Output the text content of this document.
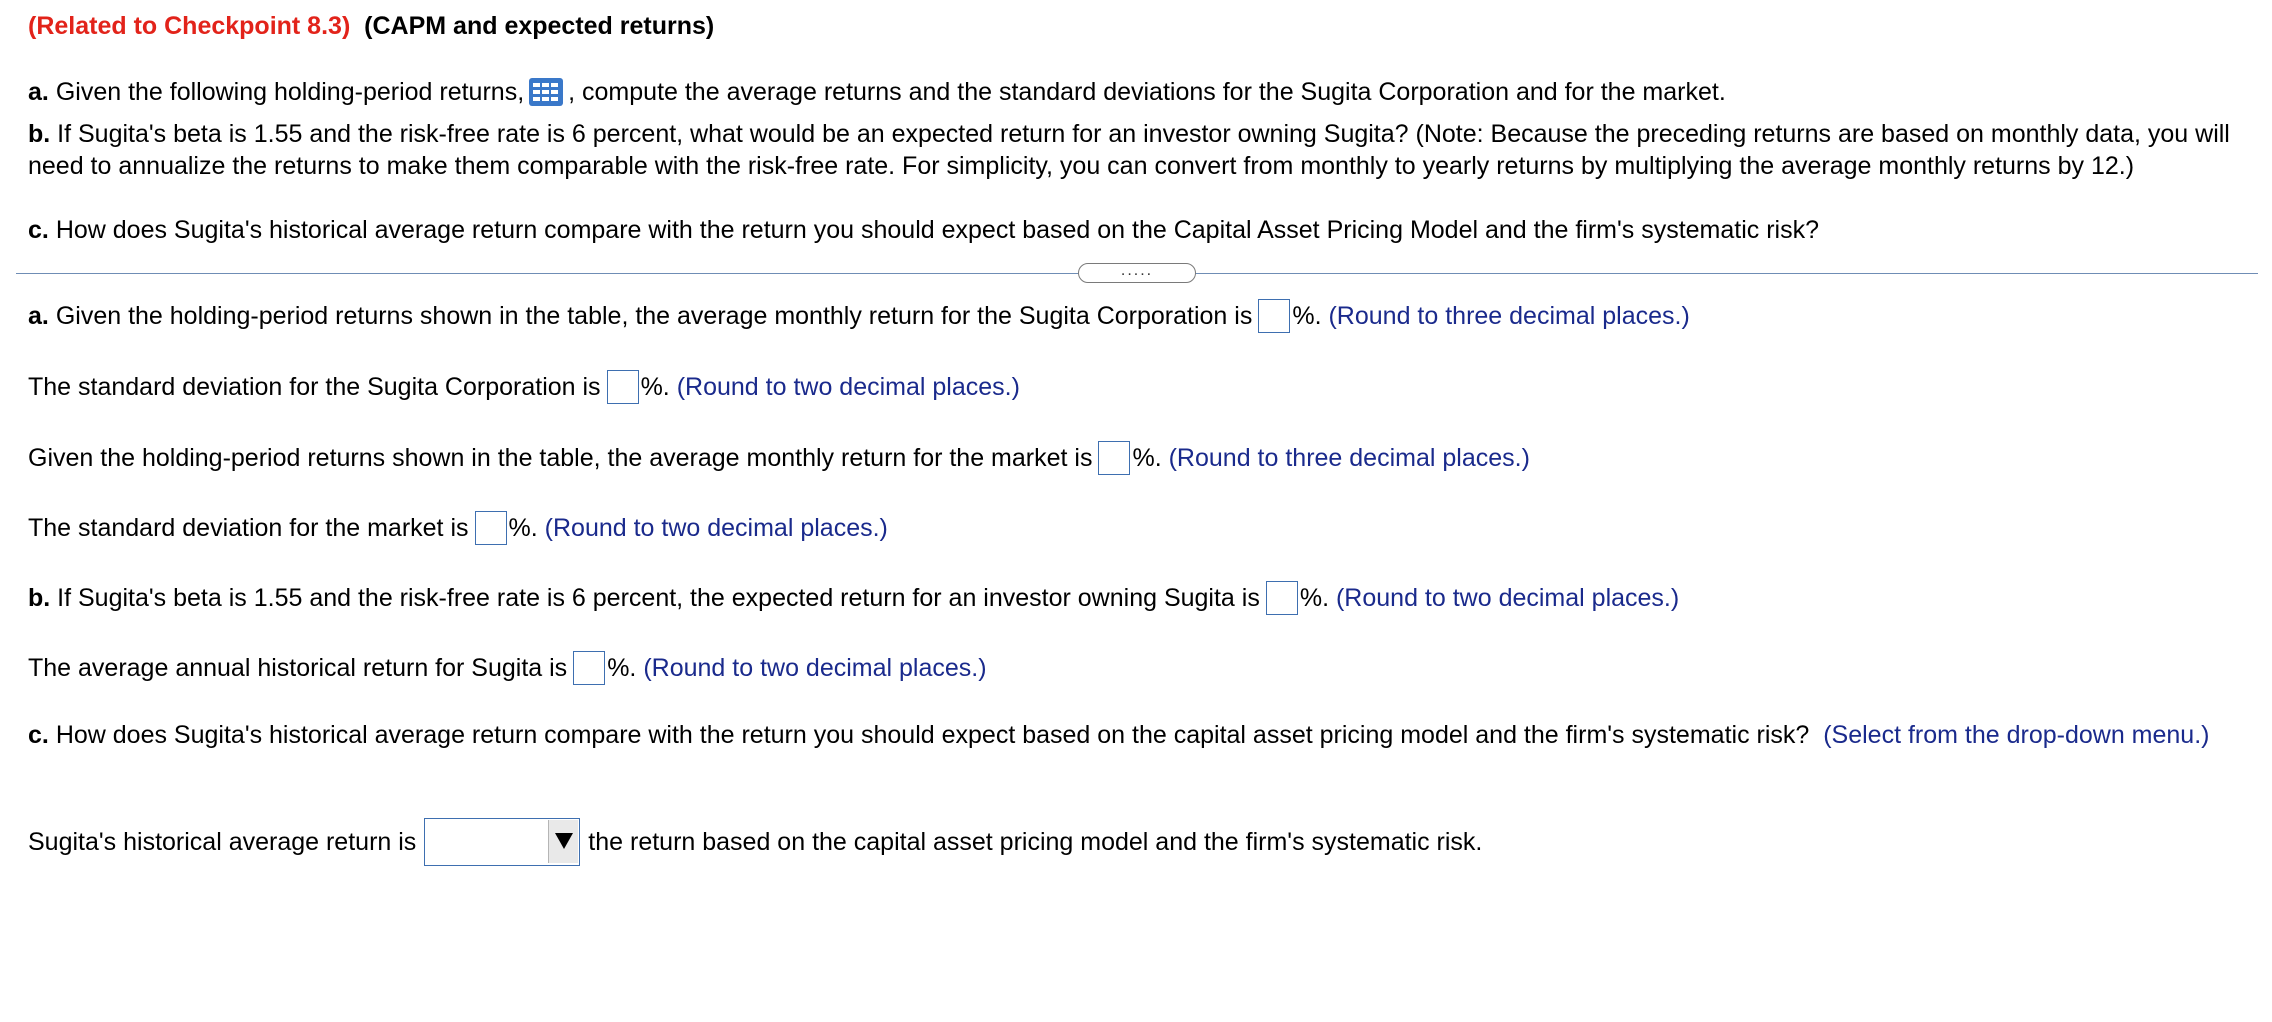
(Related to Checkpoint 8.3) (CAPM and expected returns)
a. Given the following holding-period returns, , compute the average returns and the standard deviations for the Sugita Corporation and for the market.
b. If Sugita's beta is 1.55 and the risk-free rate is 6 percent, what would be an expected return for an investor owning Sugita? (Note: Because the preceding returns are based on monthly data, you will need to annualize the returns to make them comparable with the risk-free rate. For simplicity, you can convert from monthly to yearly returns by multiplying the average monthly returns by 12.)
c. How does Sugita's historical average return compare with the return you should expect based on the Capital Asset Pricing Model and the firm's systematic risk?
.....
a. Given the holding-period returns shown in the table, the average monthly return for the Sugita Corporation is %. (Round to three decimal places.)
The standard deviation for the Sugita Corporation is %. (Round to two decimal places.)
Given the holding-period returns shown in the table, the average monthly return for the market is %. (Round to three decimal places.)
The standard deviation for the market is %. (Round to two decimal places.)
b. If Sugita's beta is 1.55 and the risk-free rate is 6 percent, the expected return for an investor owning Sugita is %. (Round to two decimal places.)
The average annual historical return for Sugita is %. (Round to two decimal places.)
c. How does Sugita's historical average return compare with the return you should expect based on the capital asset pricing model and the firm's systematic risk? (Select from the drop-down menu.)
Sugita's historical average return is	the return based on the capital asset pricing model and the firm's systematic risk.
